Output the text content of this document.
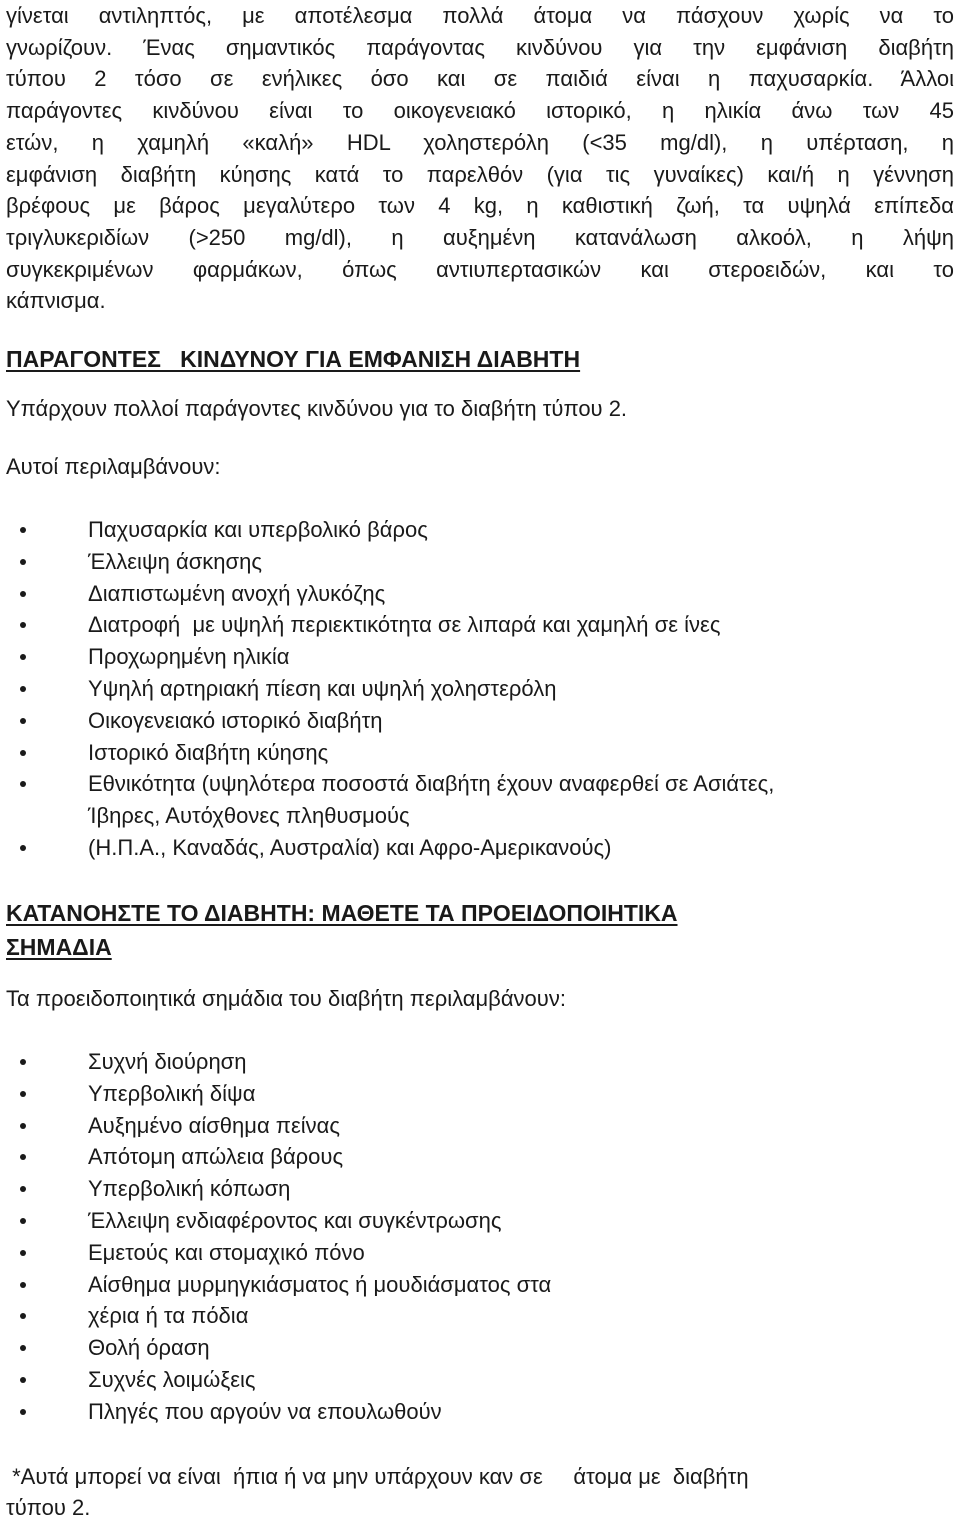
γίνεται αντιληπτός, με αποτέλεσμα πολλά άτομα να πάσχουν χωρίς να το
γνωρίζουν. Ένας σημαντικός παράγοντας κινδύνου για την εμφάνιση διαβήτη
τύπου 2 τόσο σε ενήλικες όσο και σε παιδιά είναι η παχυσαρκία. Άλλοι
παράγοντες κινδύνου είναι το οικογενειακό ιστορικό, η ηλικία άνω των 45
ετών, η χαμηλή «καλή» HDL χοληστερόλη (<35 mg/dl), η υπέρταση, η
εμφάνιση διαβήτη κύησης κατά το παρελθόν (για τις γυναίκες) και/ή η γέννηση
βρέφους με βάρος μεγαλύτερο των 4 kg, η καθιστική ζωή, τα υψηλά επίπεδα
τριγλυκεριδίων (>250 mg/dl), η αυξημένη κατανάλωση αλκοόλ, η λήψη
συγκεκριμένων φαρμάκων, όπως αντιυπερτασικών και στεροειδών, και το
κάπνισμα.
ΠΑΡΑΓΟΝΤΕΣ   ΚΙΝΔΥΝΟΥ ΓΙΑ ΕΜΦΑΝΙΣΗ ΔΙΑΒΗΤΗ

Υπάρχουν πολλοί παράγοντες κινδύνου για το διαβήτη τύπου 2.

Αυτοί περιλαμβάνουν:

Παχυσαρκία και υπερβολικό βάρος
Έλλειψη άσκησης
Διαπιστωμένη ανοχή γλυκόζης
Διατροφή  με υψηλή περιεκτικότητα σε λιπαρά και χαμηλή σε ίνες
Προχωρημένη ηλικία
Υψηλή αρτηριακή πίεση και υψηλή χοληστερόλη
Οικογενειακό ιστορικό διαβήτη
Ιστορικό διαβήτη κύησης
Εθνικότητα (υψηλότερα ποσοστά διαβήτη έχουν αναφερθεί σε Ασιάτες,
Ίβηρες, Αυτόχθονες πληθυσμούς
(Η.Π.Α., Καναδάς, Αυστραλία) και Αφρο-Αμερικανούς)
ΚΑΤΑΝΟΗΣΤΕ ΤΟ ΔΙΑΒΗΤΗ: ΜΑΘΕΤΕ ΤΑ ΠΡΟΕΙΔΟΠΟΙΗΤΙΚΑ
ΣΗΜΑΔΙΑ

Τα προειδοποιητικά σημάδια του διαβήτη περιλαμβάνουν:

Συχνή διούρηση
Υπερβολική δίψα
Αυξημένο αίσθημα πείνας
Απότομη απώλεια βάρους
Υπερβολική κόπωση
Έλλειψη ενδιαφέροντος και συγκέντρωσης
Εμετούς και στομαχικό πόνο
Αίσθημα μυρμηγκιάσματος ή μουδιάσματος στα
χέρια ή τα πόδια
Θολή όραση
Συχνές λοιμώξεις
Πληγές που αργούν να επουλωθούν
*Αυτά μπορεί να είναι  ήπια ή να μην υπάρχουν καν σε     άτομα με  διαβήτη
τύπου 2.
